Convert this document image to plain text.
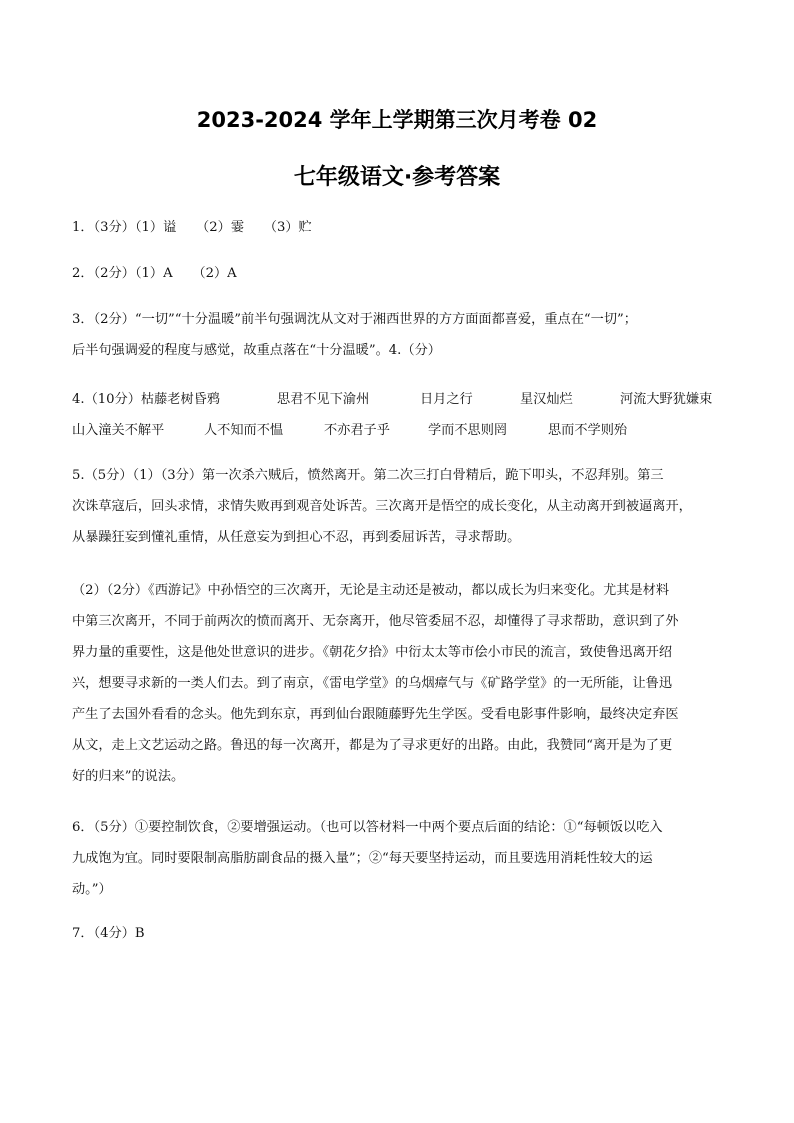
2023-2024 学年上学期第三次月考卷 02
七年级语文·参考答案
1．（3分）（1）谥　　（2）霎　　（3）贮
2．（2分）（1）A　　（2）A
3．（2分）“一切”“十分温暖”前半句强调沈从文对于湘西世界的方方面面都喜爱，重点在“一切”；
后半句强调爱的程度与感觉，故重点落在“十分温暖”。4.（分）
4.（10分）枯藤老树昏鸦	思君不见下渝州	日月之行	星汉灿烂	河流大野犹嫌束
山入潼关不解平	人不知而不愠	不亦君子乎	学而不思则罔	思而不学则殆
5.（5分）（1）（3分）第一次杀六贼后，愤然离开。第二次三打白骨精后，跪下叩头，不忍拜别。第三
次诛草寇后，回头求情，求情失败再到观音处诉苦。三次离开是悟空的成长变化，从主动离开到被逼离开，
从暴躁狂妄到懂礼重情，从任意妄为到担心不忍，再到委屈诉苦，寻求帮助。
（2）（2分）《西游记》中孙悟空的三次离开，无论是主动还是被动，都以成长为归来变化。尤其是材料
中第三次离开，不同于前两次的愤而离开、无奈离开，他尽管委屈不忍，却懂得了寻求帮助，意识到了外
界力量的重要性，这是他处世意识的进步。《朝花夕拾》中衍太太等市侩小市民的流言，致使鲁迅离开绍
兴，想要寻求新的一类人们去。到了南京，《雷电学堂》的乌烟瘴气与《矿路学堂》的一无所能，让鲁迅
产生了去国外看看的念头。他先到东京，再到仙台跟随藤野先生学医。受看电影事件影响，最终决定弃医
从文，走上文艺运动之路。鲁迅的每一次离开，都是为了寻求更好的出路。由此，我赞同“离开是为了更
好的归来”的说法。
6．（5分）①要控制饮食，②要增强运动。（也可以答材料一中两个要点后面的结论：①“每顿饭以吃入
九成饱为宜。同时要限制高脂肪副食品的摄入量”；②“每天要坚持运动，而且要选用消耗性较大的运
动。”）
7．（4分）B
